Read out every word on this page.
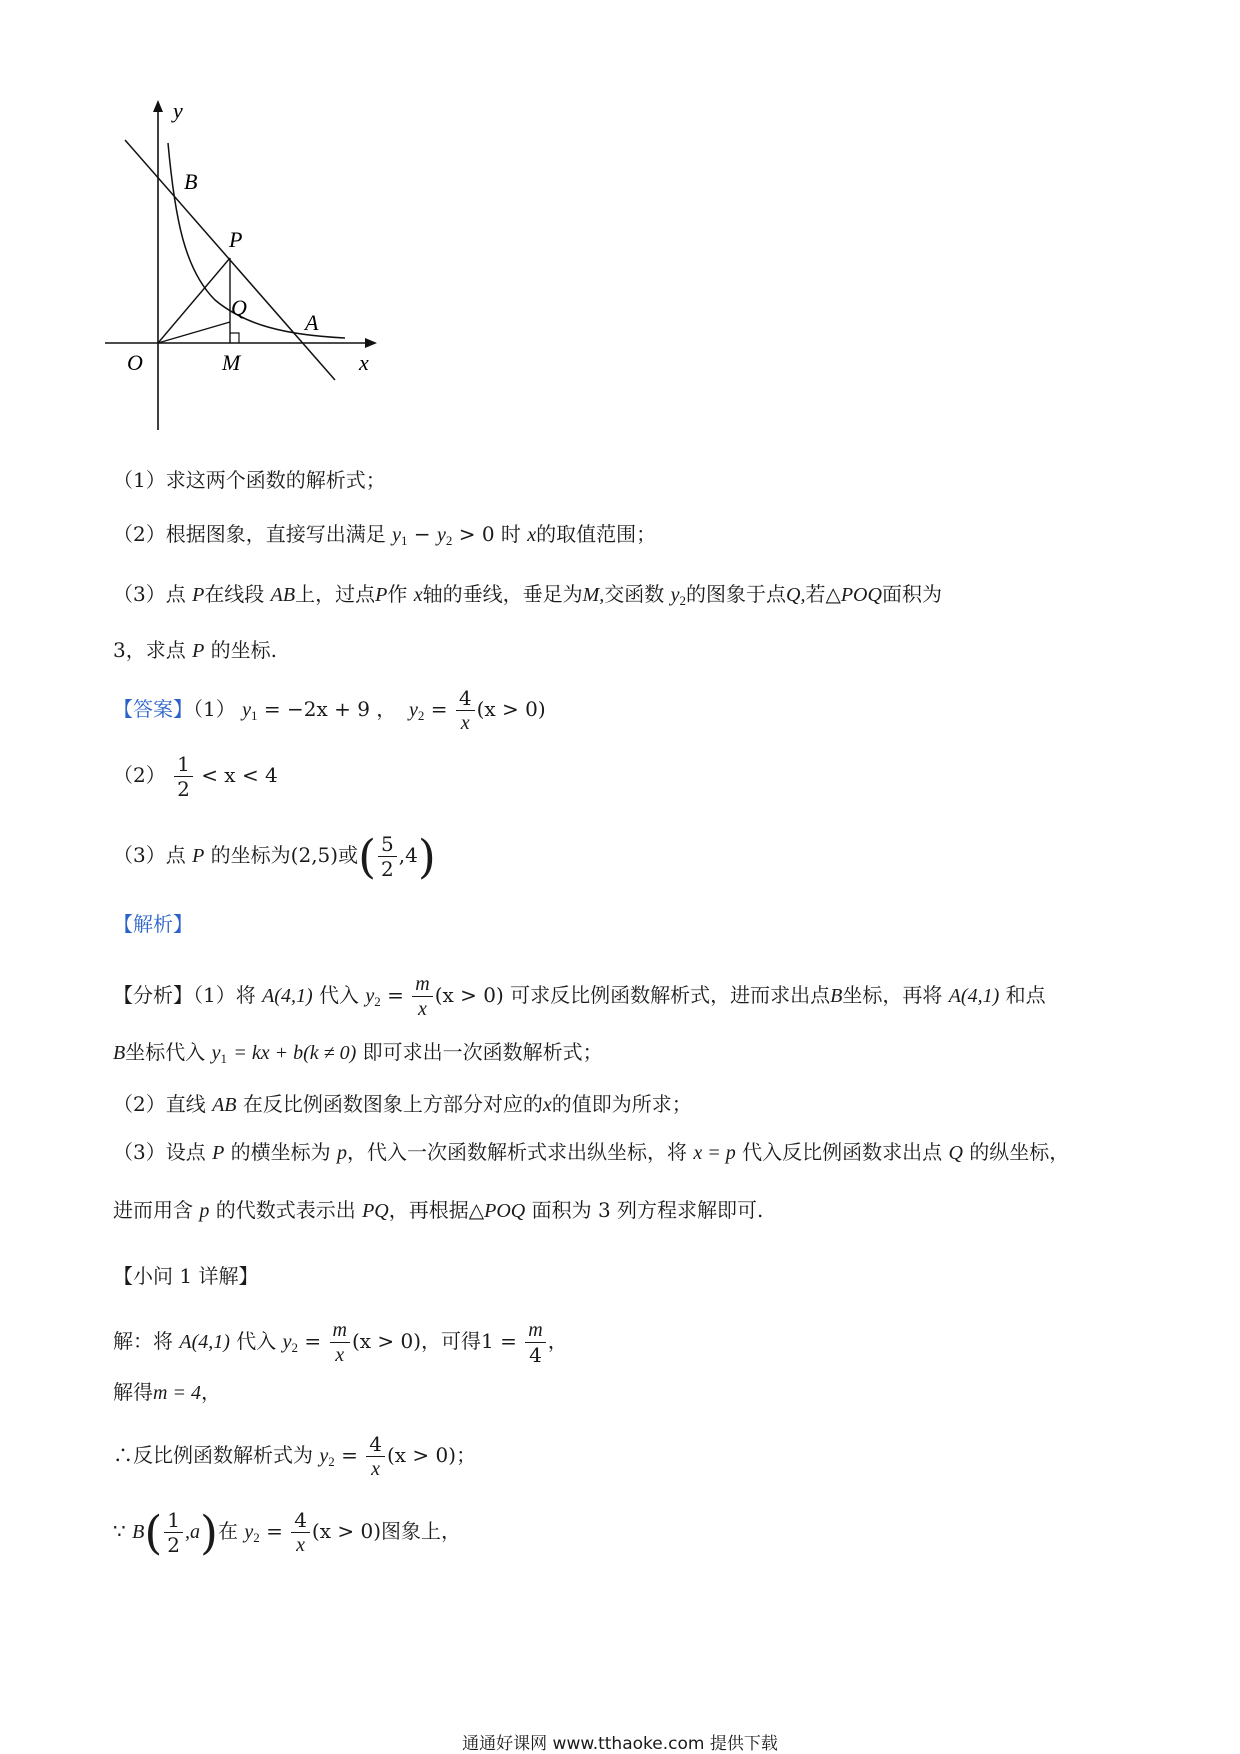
y
x
O	M
B
P
Q
A
（1）求这两个函数的解析式；
（2）根据图象，直接写出满足 $y_1 - y_2 > 0$ 时 x的取值范围；
（3）点 P在线段 AB上，过点P作 x轴的垂线，垂足为M,交函数 $y_2$的图象于点Q,若△POQ面积为
3，求点 P 的坐标.
【答案】（1） $y_1 = -2x + 9$ ， $y_2 = \frac{4}{x} (x > 0)$
$(2) \frac{1}{2} < x < 4$
（3）点 P 的坐标为(2,5)或( $\frac{5}{2} ,4$)
【解析】
【分析】（1）将 A(4,1) 代入 $y_2 = \frac{m}{x} (x > 0)$ 可求反比例函数解析式，进而求出点B坐标，再将 A(4,1) 和点
B坐标代入 $y_1$ = kx + b(k ≠ 0) 即可求出一次函数解析式；
（2）直线 AB 在反比例函数图象上方部分对应的x的值即为所求；
（3）设点 P 的横坐标为 p，代入一次函数解析式求出纵坐标，将 x = p 代入反比例函数求出点 Q 的纵坐标，
进而用含 p 的代数式表示出 PQ，再根据△POQ 面积为 3 列方程求解即可.
【小问 1 详解】
解：将 A(4,1) 代入 $y_2 = \frac{m}{x} (x > 0)$，可得$1 = \frac{m}{4}$ ，
解得m = 4，
∴反比例函数解析式为 $y_2 = \frac{4}{x} (x > 0)$；
∵ $B( \frac{1}{2} ,a)$在 $y_2 = \frac{4}{x} (x > 0)$图象上，
通通好课网 www.tthaoke.com 提供下载
